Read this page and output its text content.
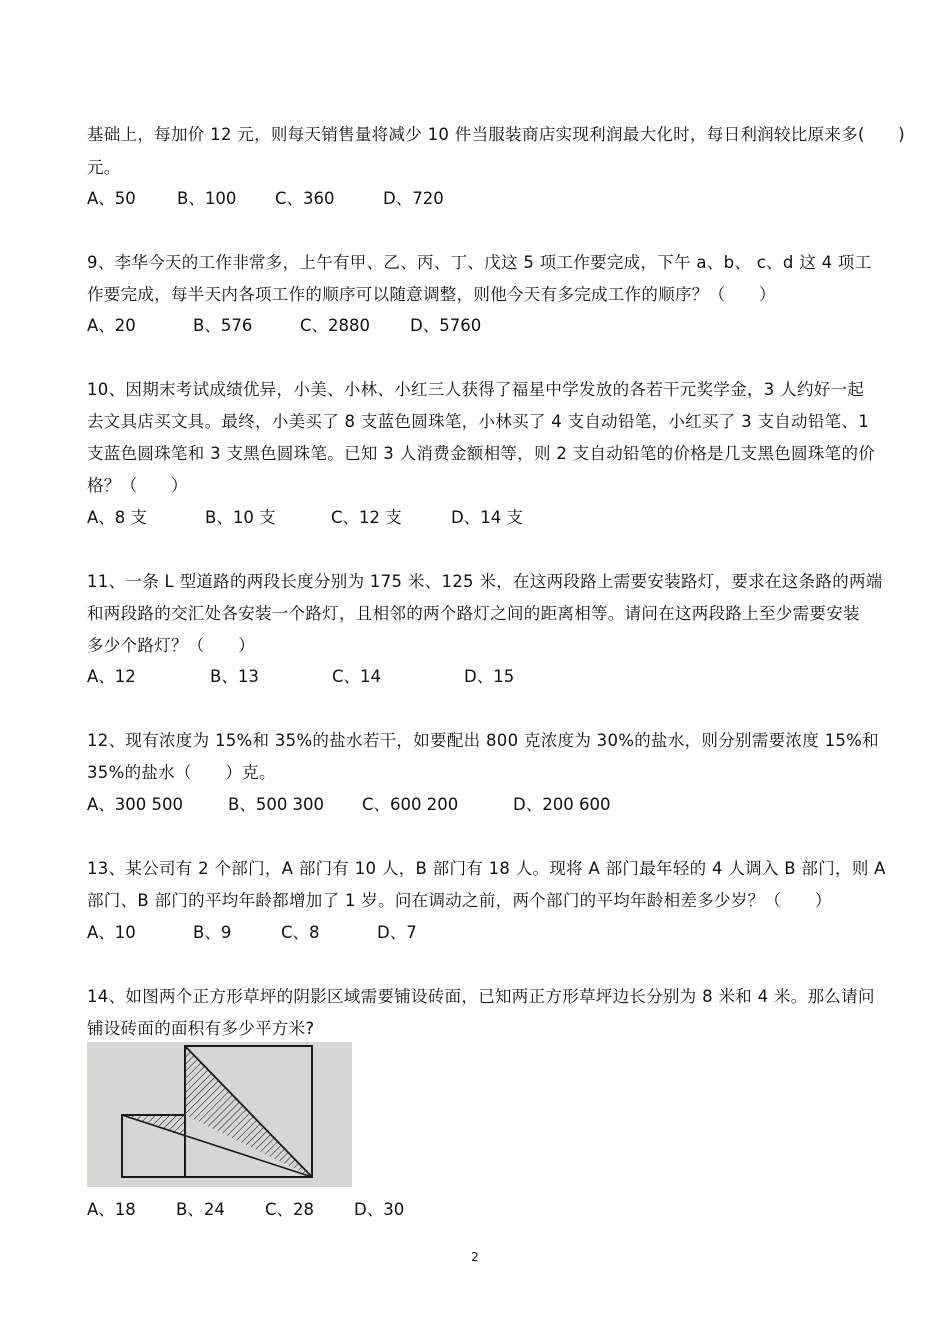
基础上，每加价 12 元，则每天销售量将减少 10 件当服装商店实现利润最大化时，每日利润较比原来多(　　)
元。
A、50 B、100 C、360	D、720
9、李华今天的工作非常多，上午有甲、乙、丙、丁、戊这 5 项工作要完成，下午 a、b、 c、d 这 4 项工
作要完成，每半天内各项工作的顺序可以随意调整，则他今天有多完成工作的顺序？（　　）
A、20	B、576	C、2880 D、5760
10、因期末考试成绩优异，小美、小林、小红三人获得了福星中学发放的各若干元奖学金，3 人约好一起
去文具店买文具。最终，小美买了 8 支蓝色圆珠笔，小林买了 4 支自动铅笔，小红买了 3 支自动铅笔、1
支蓝色圆珠笔和 3 支黑色圆珠笔。已知 3 人消费金额相等，则 2 支自动铅笔的价格是几支黑色圆珠笔的价
格？（　　）
A、8 支	B、10 支	C、12 支	D、14 支
11、一条 L 型道路的两段长度分别为 175 米、125 米，在这两段路上需要安装路灯，要求在这条路的两端
和两段路的交汇处各安装一个路灯，且相邻的两个路灯之间的距离相等。请问在这两段路上至少需要安装
多少个路灯？（　　）
A、12	B、13	C、14	D、15
12、现有浓度为 15%和 35%的盐水若干，如要配出 800 克浓度为 30%的盐水，则分别需要浓度 15%和
35%的盐水（　　）克。
A、300 500	B、500 300 C、600 200	D、200 600
13、某公司有 2 个部门，A 部门有 10 人，B 部门有 18 人。现将 A 部门最年轻的 4 人调入 B 部门，则 A
部门、B 部门的平均年龄都增加了 1 岁。问在调动之前，两个部门的平均年龄相差多少岁？（　　）
A、10	B、9	C、8	D、7
14、如图两个正方形草坪的阴影区域需要铺设砖面，已知两正方形草坪边长分别为 8 米和 4 米。那么请问
铺设砖面的面积有多少平方米?
A、18 B、24 C、28 D、30
2
